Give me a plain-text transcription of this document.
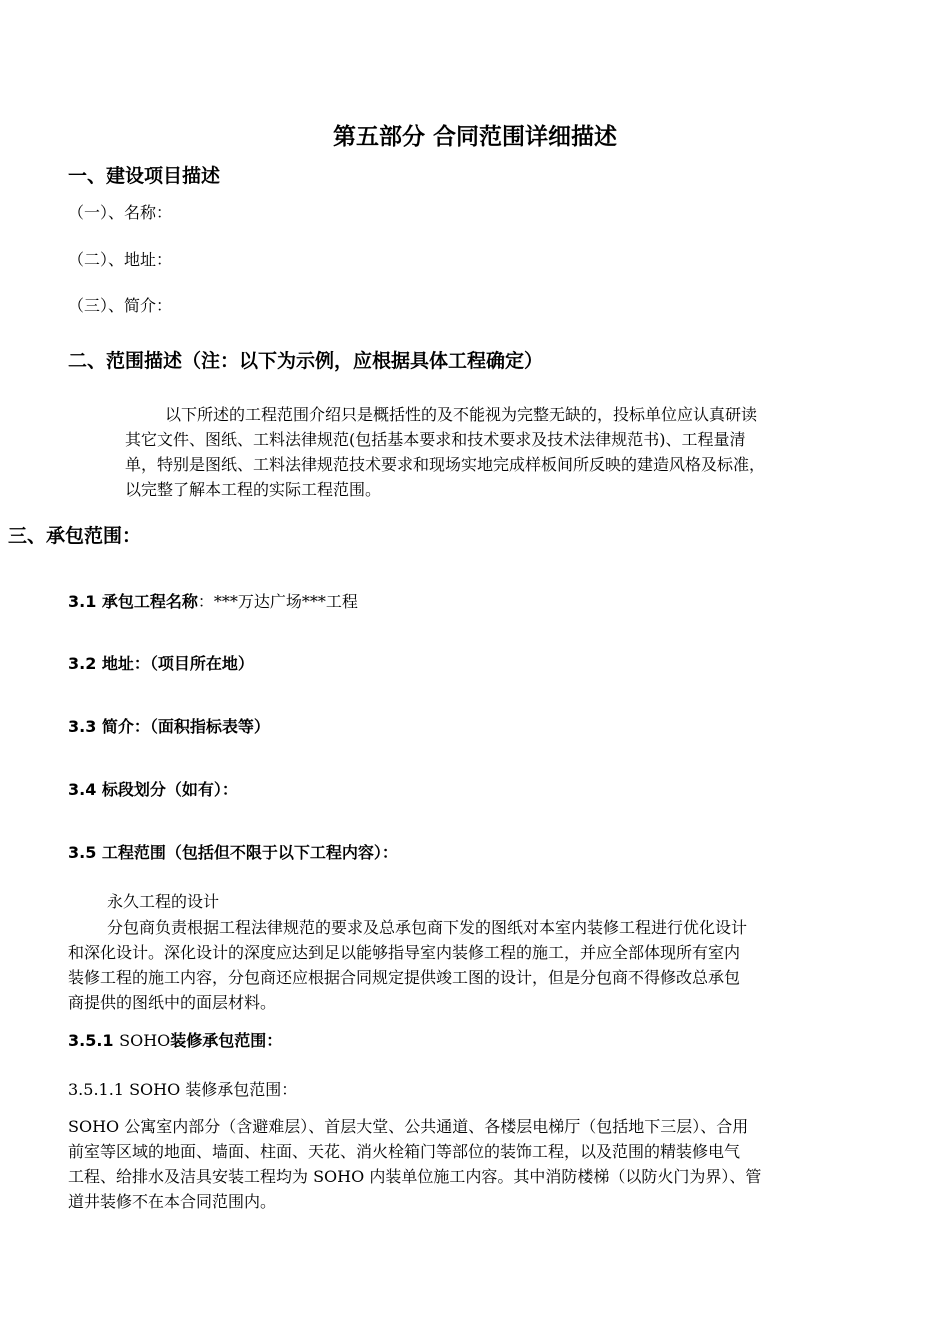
第五部分 合同范围详细描述
一、建设项目描述
（一）、名称：
（二）、地址：
（三）、简介：
二、范围描述（注：以下为示例，应根据具体工程确定）
以下所述的工程范围介绍只是概括性的及不能视为完整无缺的，投标单位应认真研读
其它文件、图纸、工料法律规范(包括基本要求和技术要求及技术法律规范书)、工程量清
单，特别是图纸、工料法律规范技术要求和现场实地完成样板间所反映的建造风格及标准，
以完整了解本工程的实际工程范围。
三、承包范围：
3.1 承包工程名称：***万达广场***工程
3.2 地址：（项目所在地）
3.3 简介：（面积指标表等）
3.4 标段划分（如有）：
3.5 工程范围（包括但不限于以下工程内容）：
永久工程的设计
分包商负责根据工程法律规范的要求及总承包商下发的图纸对本室内装修工程进行优化设计
和深化设计。深化设计的深度应达到足以能够指导室内装修工程的施工，并应全部体现所有室内
装修工程的施工内容，分包商还应根据合同规定提供竣工图的设计，但是分包商不得修改总承包
商提供的图纸中的面层材料。
3.5.1 SOHO装修承包范围：
3.5.1.1 SOHO 装修承包范围：
SOHO 公寓室内部分（含避难层）、首层大堂、公共通道、各楼层电梯厅（包括地下三层）、合用
前室等区域的地面、墙面、柱面、天花、消火栓箱门等部位的装饰工程，以及范围的精装修电气
工程、给排水及洁具安装工程均为 SOHO 内装单位施工内容。其中消防楼梯（以防火门为界）、管
道井装修不在本合同范围内。
